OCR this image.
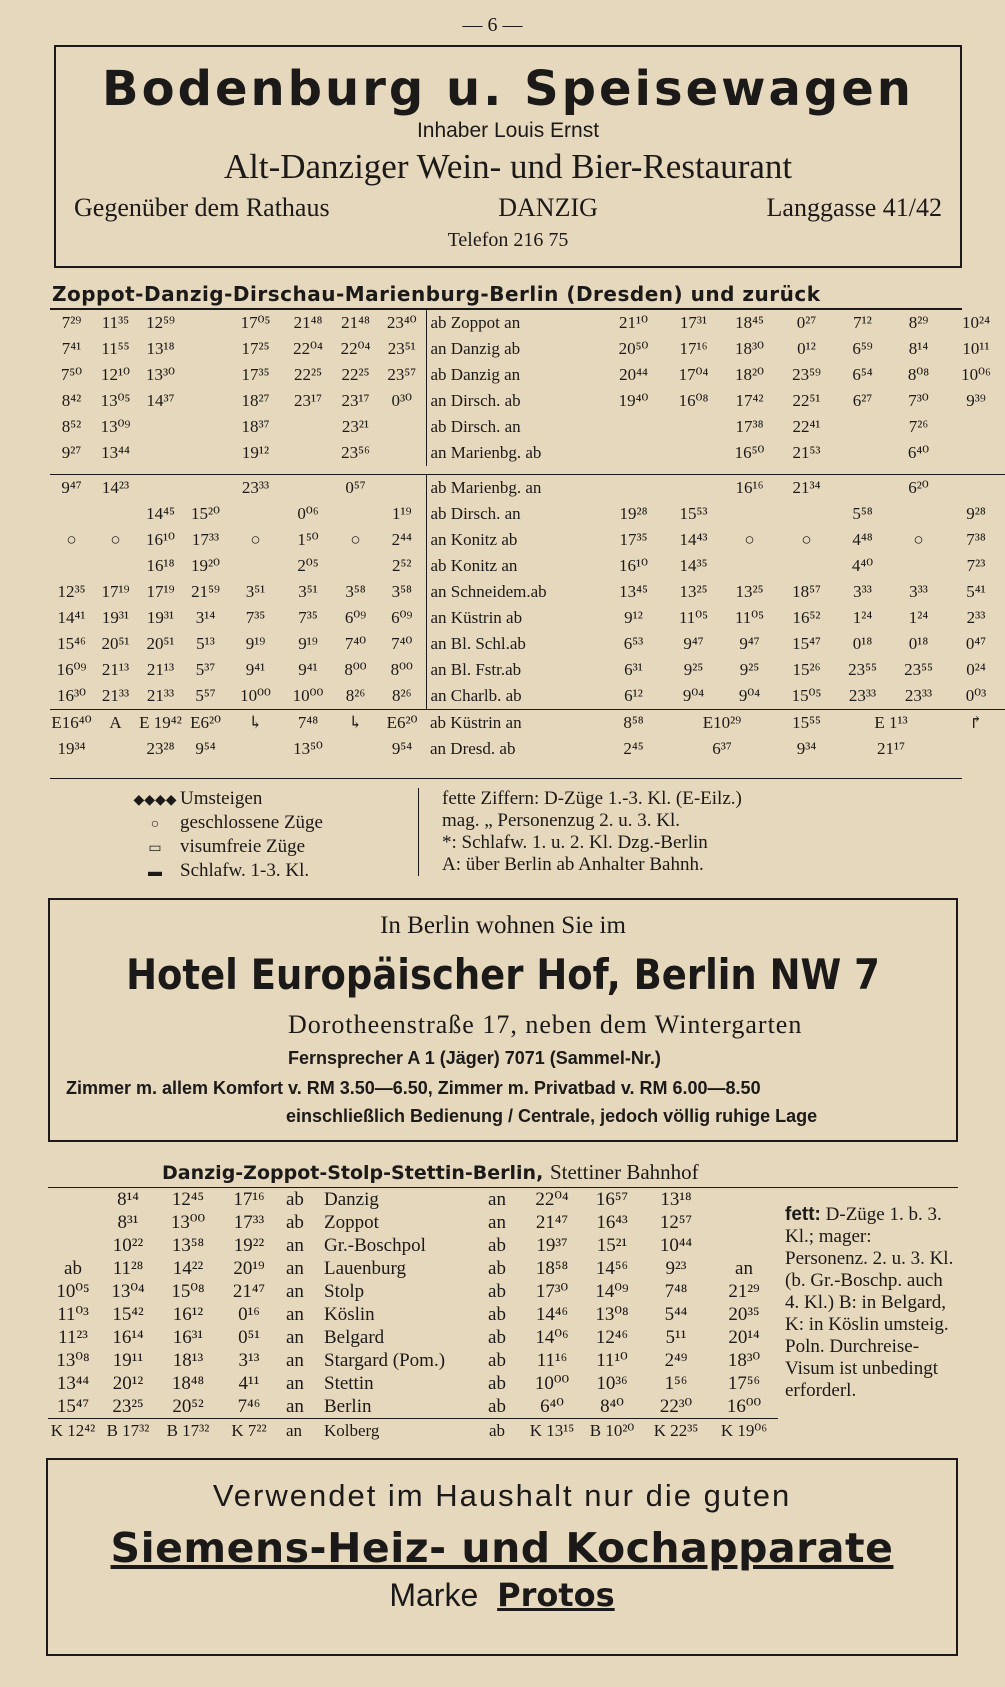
— 6 —
Bodenburg u. Speisewagen
Inhaber Louis Ernst
Alt-Danziger Wein- und Bier-Restaurant
Gegenüber dem Rathaus	DANZIG	Langgasse 41/42
Telefon 216 75
Zoppot-Danzig-Dirschau-Marienburg-Berlin (Dresden) und zurück
7²⁹	11³⁵	12⁵⁹		17⁰⁵	21⁴⁸	21⁴⁸	23⁴⁰	ab Zoppot an	21¹⁰	17³¹	18⁴⁵	0²⁷	7¹²	8²⁹	10²⁴
7⁴¹	11⁵⁵	13¹⁸		17²⁵	22⁰⁴	22⁰⁴	23⁵¹	an Danzig ab	20⁵⁰	17¹⁶	18³⁰	0¹²	6⁵⁹	8¹⁴	10¹¹
7⁵⁰	12¹⁰	13³⁰		17³⁵	22²⁵	22²⁵	23⁵⁷	ab Danzig an	20⁴⁴	17⁰⁴	18²⁰	23⁵⁹	6⁵⁴	8⁰⁸	10⁰⁶
8⁴²	13⁰⁵	14³⁷		18²⁷	23¹⁷	23¹⁷	0³⁰	an Dirsch. ab	19⁴⁰	16⁰⁸	17⁴²	22⁵¹	6²⁷	7³⁰	9³⁹
8⁵²	13⁰⁹			18³⁷		23²¹		ab Dirsch. an			17³⁸	22⁴¹		7²⁶	
9²⁷	13⁴⁴			19¹²		23⁵⁶		an Marienbg. ab			16⁵⁰	21⁵³		6⁴⁰	

9⁴⁷	14²³			23³³		0⁵⁷		ab Marienbg. an			16¹⁶	21³⁴		6²⁰	
		14⁴⁵	15²⁰		0⁰⁶		1¹⁹	ab Dirsch. an	19²⁸	15⁵³			5⁵⁸		9²⁸
○	○	16¹⁰	17³³	○	1⁵⁰	○	2⁴⁴	an Konitz ab	17³⁵	14⁴³	○	○	4⁴⁸	○	7³⁸
		16¹⁸	19²⁰		2⁰⁵		2⁵²	ab Konitz an	16¹⁰	14³⁵			4⁴⁰		7²³
12³⁵	17¹⁹	17¹⁹	21⁵⁹	3⁵¹	3⁵¹	3⁵⁸	3⁵⁸	an Schneidem.ab	13⁴⁵	13²⁵	13²⁵	18⁵⁷	3³³	3³³	5⁴¹
14⁴¹	19³¹	19³¹	3¹⁴	7³⁵	7³⁵	6⁰⁹	6⁰⁹	an Küstrin ab	9¹²	11⁰⁵	11⁰⁵	16⁵²	1²⁴	1²⁴	2³³
15⁴⁶	20⁵¹	20⁵¹	5¹³	9¹⁹	9¹⁹	7⁴⁰	7⁴⁰	an Bl. Schl.ab	6⁵³	9⁴⁷	9⁴⁷	15⁴⁷	0¹⁸	0¹⁸	0⁴⁷
16⁰⁹	21¹³	21¹³	5³⁷	9⁴¹	9⁴¹	8⁰⁰	8⁰⁰	an Bl. Fstr.ab	6³¹	9²⁵	9²⁵	15²⁶	23⁵⁵	23⁵⁵	0²⁴
16³⁰	21³³	21³³	5⁵⁷	10⁰⁰	10⁰⁰	8²⁶	8²⁶	an Charlb. ab	6¹²	9⁰⁴	9⁰⁴	15⁰⁵	23³³	23³³	0⁰³
E16⁴⁰	A	E 19⁴²	E6²⁰	↳	7⁴⁸	↳	E6²⁰	ab Küstrin an	8⁵⁸	E10²⁹		15⁵⁵	E 1¹³		↱
19³⁴		23²⁸	9⁵⁴		13⁵⁰		9⁵⁴	an Dresd. ab	2⁴⁵	6³⁷		9³⁴	21¹⁷		
◆◆◆◆ Umsteigen
○ geschlossene Züge
▭ visumfreie Züge
▬ Schlafw. 1-3. Kl.
fette Ziffern: D-Züge 1.-3. Kl. (E-Eilz.)
mag. „ Personenzug 2. u. 3. Kl.
*: Schlafw. 1. u. 2. Kl. Dzg.-Berlin
A: über Berlin ab Anhalter Bahnh.
In Berlin wohnen Sie im
Hotel Europäischer Hof, Berlin NW 7
Dorotheenstraße 17, neben dem Wintergarten
Fernsprecher A 1 (Jäger) 7071 (Sammel-Nr.)
Zimmer m. allem Komfort v. RM 3.50—6.50, Zimmer m. Privatbad v. RM 6.00—8.50
einschließlich Bedienung / Centrale, jedoch völlig ruhige Lage
Danzig-Zoppot-Stolp-Stettin-Berlin, Stettiner Bahnhof
	8¹⁴	12⁴⁵	17¹⁶	ab	Danzig	an	22⁰⁴	16⁵⁷	13¹⁸	
	8³¹	13⁰⁰	17³³	ab	Zoppot	an	21⁴⁷	16⁴³	12⁵⁷	
	10²²	13⁵⁸	19²²	an	Gr.-Boschpol	ab	19³⁷	15²¹	10⁴⁴	
ab	11²⁸	14²²	20¹⁹	an	Lauenburg	ab	18⁵⁸	14⁵⁶	9²³	an
10⁰⁵	13⁰⁴	15⁰⁸	21⁴⁷	an	Stolp	ab	17³⁰	14⁰⁹	7⁴⁸	21²⁹
11⁰³	15⁴²	16¹²	0¹⁶	an	Köslin	ab	14⁴⁶	13⁰⁸	5⁴⁴	20³⁵
11²³	16¹⁴	16³¹	0⁵¹	an	Belgard	ab	14⁰⁶	12⁴⁶	5¹¹	20¹⁴
13⁰⁸	19¹¹	18¹³	3¹³	an	Stargard (Pom.)	ab	11¹⁶	11¹⁰	2⁴⁹	18³⁰
13⁴⁴	20¹²	18⁴⁸	4¹¹	an	Stettin	ab	10⁰⁰	10³⁶	1⁵⁶	17⁵⁶
15⁴⁷	23²⁵	20⁵²	7⁴⁶	an	Berlin	ab	6⁴⁰	8⁴⁰	22³⁰	16⁰⁰
K 12⁴²	B 17³²	B 17³²	K 7²²	an	Kolberg	ab	K 13¹⁵	B 10²⁰	K 22³⁵	K 19⁰⁶
fett: D-Züge 1. b. 3. Kl.; mager: Personenz. 2. u. 3. Kl. (b. Gr.-Boschp. auch 4. Kl.) B: in Belgard, K: in Köslin umsteig. Poln. Durchreise-Visum ist unbedingt erforderl.
Verwendet im Haushalt nur die guten
Siemens-Heiz- und Kochapparate
Marke Protos
